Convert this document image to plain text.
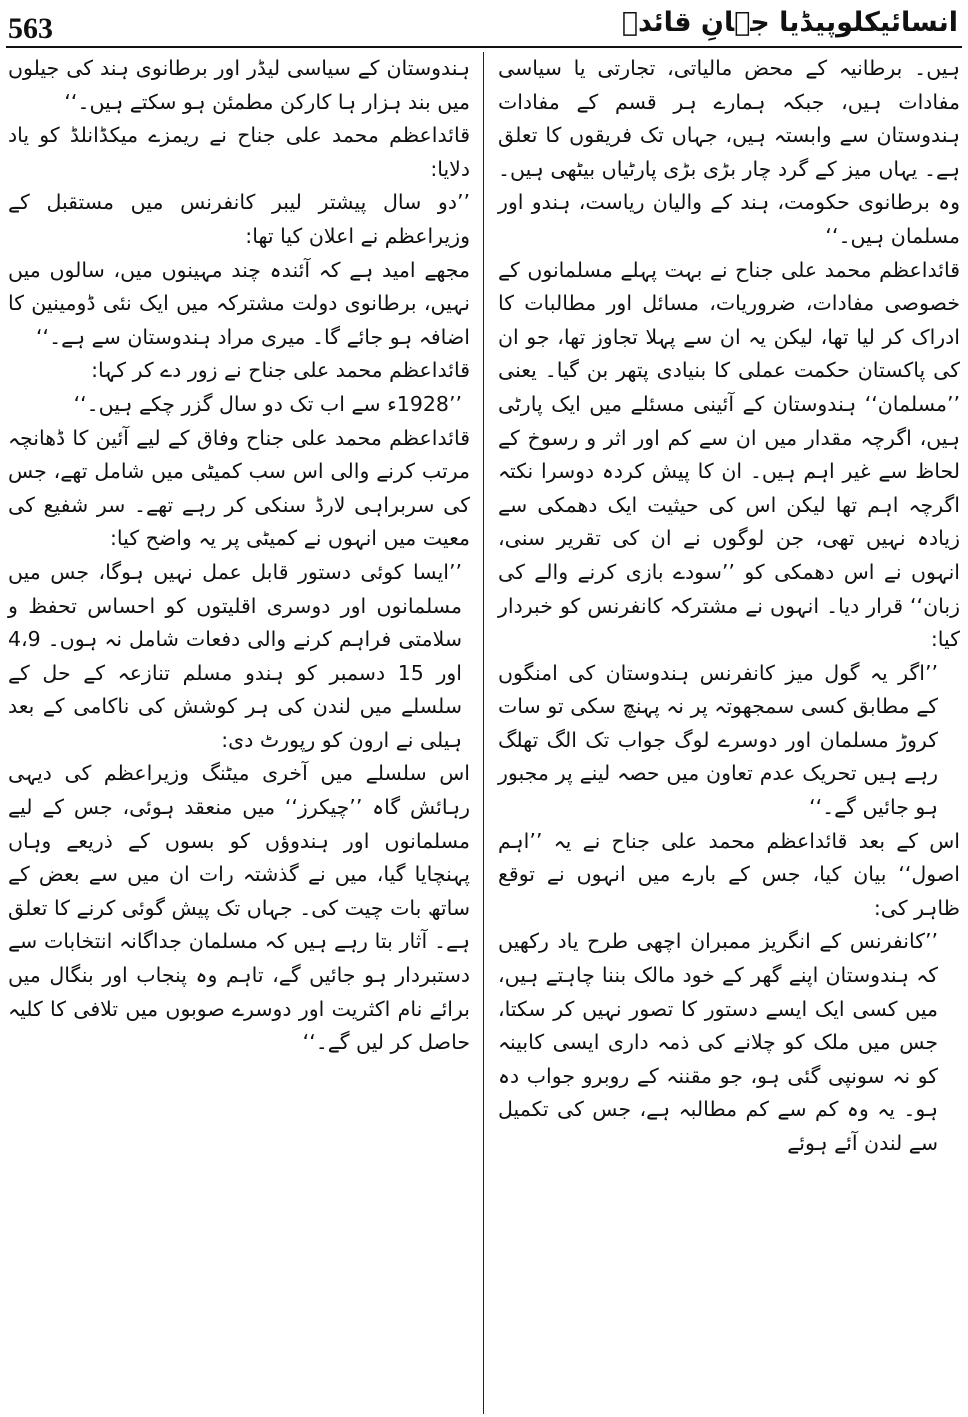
563	انسائیکلوپیڈیا جہانِ قائدؒ

ہیں۔ برطانیہ کے محض مالیاتی، تجارتی یا سیاسی مفادات ہیں، جبکہ ہمارے ہر قسم کے مفادات ہندوستان سے وابستہ ہیں، جہاں تک فریقوں کا تعلق ہے۔ یہاں میز کے گرد چار بڑی بڑی پارٹیاں بیٹھی ہیں۔ وہ برطانوی حکومت، ہند کے والیان ریاست، ہندو اور مسلمان ہیں۔‘‘

قائداعظم محمد علی جناح نے بہت پہلے مسلمانوں کے خصوصی مفادات، ضروریات، مسائل اور مطالبات کا ادراک کر لیا تھا، لیکن یہ ان سے پہلا تجاوز تھا، جو ان کی پاکستان حکمت عملی کا بنیادی پتھر بن گیا۔ یعنی ’’مسلمان‘‘ ہندوستان کے آئینی مسئلے میں ایک پارٹی ہیں، اگرچہ مقدار میں ان سے کم اور اثر و رسوخ کے لحاظ سے غیر اہم ہیں۔ ان کا پیش کردہ دوسرا نکتہ اگرچہ اہم تھا لیکن اس کی حیثیت ایک دھمکی سے زیادہ نہیں تھی، جن لوگوں نے ان کی تقریر سنی، انہوں نے اس دھمکی کو ’’سودے بازی کرنے والے کی زبان‘‘ قرار دیا۔ انہوں نے مشترکہ کانفرنس کو خبردار کیا:

’’اگر یہ گول میز کانفرنس ہندوستان کی امنگوں کے مطابق کسی سمجھوتہ پر نہ پہنچ سکی تو سات کروڑ مسلمان اور دوسرے لوگ جواب تک الگ تھلگ رہے ہیں تحریک عدم تعاون میں حصہ لینے پر مجبور ہو جائیں گے۔‘‘

اس کے بعد قائداعظم محمد علی جناح نے یہ ’’اہم اصول‘‘ بیان کیا، جس کے بارے میں انہوں نے توقع ظاہر کی:

’’کانفرنس کے انگریز ممبران اچھی طرح یاد رکھیں کہ ہندوستان اپنے گھر کے خود مالک بننا چاہتے ہیں، میں کسی ایک ایسے دستور کا تصور نہیں کر سکتا، جس میں ملک کو چلانے کی ذمہ داری ایسی کابینہ کو نہ سونپی گئی ہو، جو مقننہ کے روبرو جواب دہ ہو۔ یہ وہ کم سے کم مطالبہ ہے، جس کی تکمیل سے لندن آئے ہوئے

ہندوستان کے سیاسی لیڈر اور برطانوی ہند کی جیلوں میں بند ہزار ہا کارکن مطمئن ہو سکتے ہیں۔‘‘

قائداعظم محمد علی جناح نے ریمزے میکڈانلڈ کو یاد دلایا:

’’دو سال پیشتر لیبر کانفرنس میں مستقبل کے وزیراعظم نے اعلان کیا تھا:

مجھے امید ہے کہ آئندہ چند مہینوں میں، سالوں میں نہیں، برطانوی دولت مشترکہ میں ایک نئی ڈومینین کا اضافہ ہو جائے گا۔ میری مراد ہندوستان سے ہے۔‘‘

قائداعظم محمد علی جناح نے زور دے کر کہا:

’’1928ء سے اب تک دو سال گزر چکے ہیں۔‘‘

قائداعظم محمد علی جناح وفاق کے لیے آئین کا ڈھانچہ مرتب کرنے والی اس سب کمیٹی میں شامل تھے، جس کی سربراہی لارڈ سنکی کر رہے تھے۔ سر شفیع کی معیت میں انہوں نے کمیٹی پر یہ واضح کیا:

’’ایسا کوئی دستور قابل عمل نہیں ہوگا، جس میں مسلمانوں اور دوسری اقلیتوں کو احساس تحفظ و سلامتی فراہم کرنے والی دفعات شامل نہ ہوں۔ 4،9 اور 15 دسمبر کو ہندو مسلم تنازعہ کے حل کے سلسلے میں لندن کی ہر کوشش کی ناکامی کے بعد ہیلی نے ارون کو رپورٹ دی:

اس سلسلے میں آخری میٹنگ وزیراعظم کی دیہی رہائش گاہ ’’چیکرز‘‘ میں منعقد ہوئی، جس کے لیے مسلمانوں اور ہندوؤں کو بسوں کے ذریعے وہاں پہنچایا گیا، میں نے گذشتہ رات ان میں سے بعض کے ساتھ بات چیت کی۔ جہاں تک پیش گوئی کرنے کا تعلق ہے۔ آثار بتا رہے ہیں کہ مسلمان جداگانہ انتخابات سے دستبردار ہو جائیں گے، تاہم وہ پنجاب اور بنگال میں برائے نام اکثریت اور دوسرے صوبوں میں تلافی کا کلیہ حاصل کر لیں گے۔‘‘
